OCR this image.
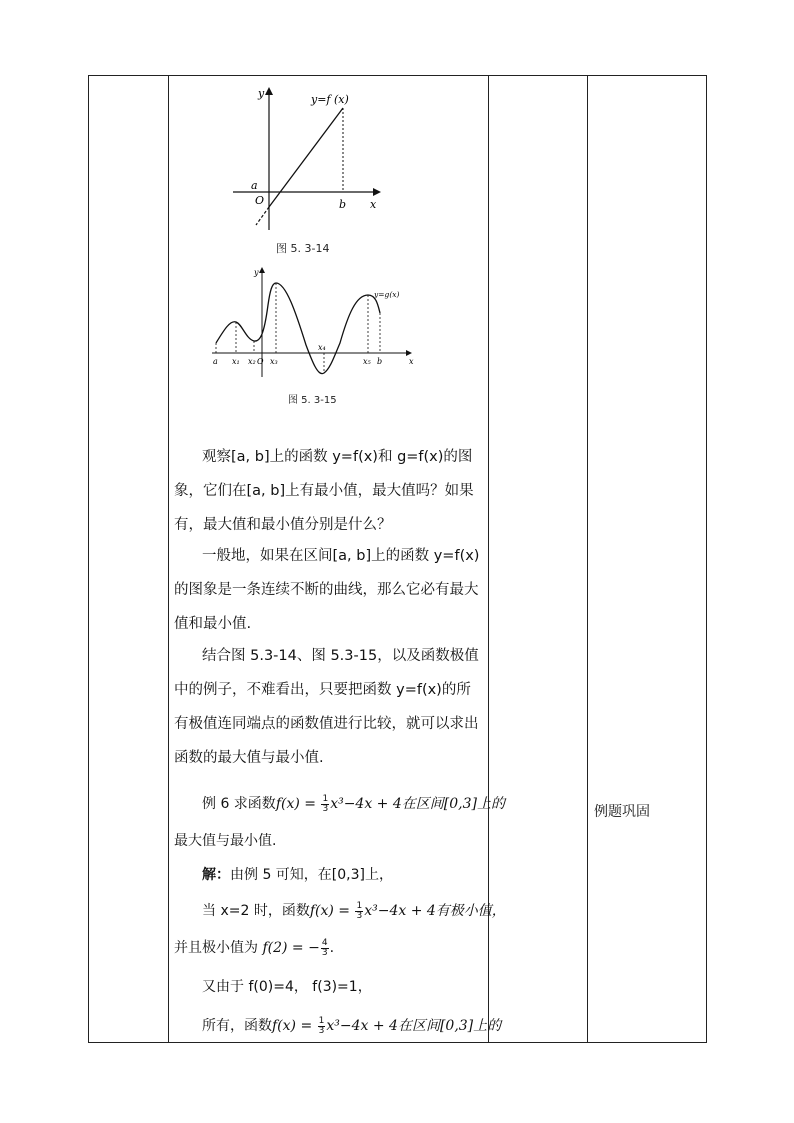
y	y=f (x)
a
O	b x
图 5. 3-14
y
y=g(x)
x
a x₁ x₂ O x₃
x₄
x₅ b
图 5. 3-15

观察[a, b]上的函数 y=f(x)和 g=f(x)的图象，它们在[a, b]上有最小值，最大值吗？如果有，最大值和最小值分别是什么？

一般地，如果在区间[a, b]上的函数 y=f(x)的图象是一条连续不断的曲线，那么它必有最大值和最小值.

结合图 5.3-14、图 5.3-15，以及函数极值中的例子，不难看出，只要把函数 y=f(x)的所有极值连同端点的函数值进行比较，就可以求出函数的最大值与最小值.

例 6 求函数$f(x) = \frac{1}{3} x^3-4x + 4$在区间[0,3]上的
最大值与最小值.
解：由例 5 可知，在[0,3]上，
当 x=2 时，函数$f(x) = \frac{1}{3} x^3-4x + 4$有极小值，
并且极小值为 f(2) = − $\frac{4}{3}$ .
又由于 f(0)=4， f(3)=1，
所有，函数$f(x) = \frac{1}{3} x^3-4x + 4$在区间[0,3]上的
例题巩固
